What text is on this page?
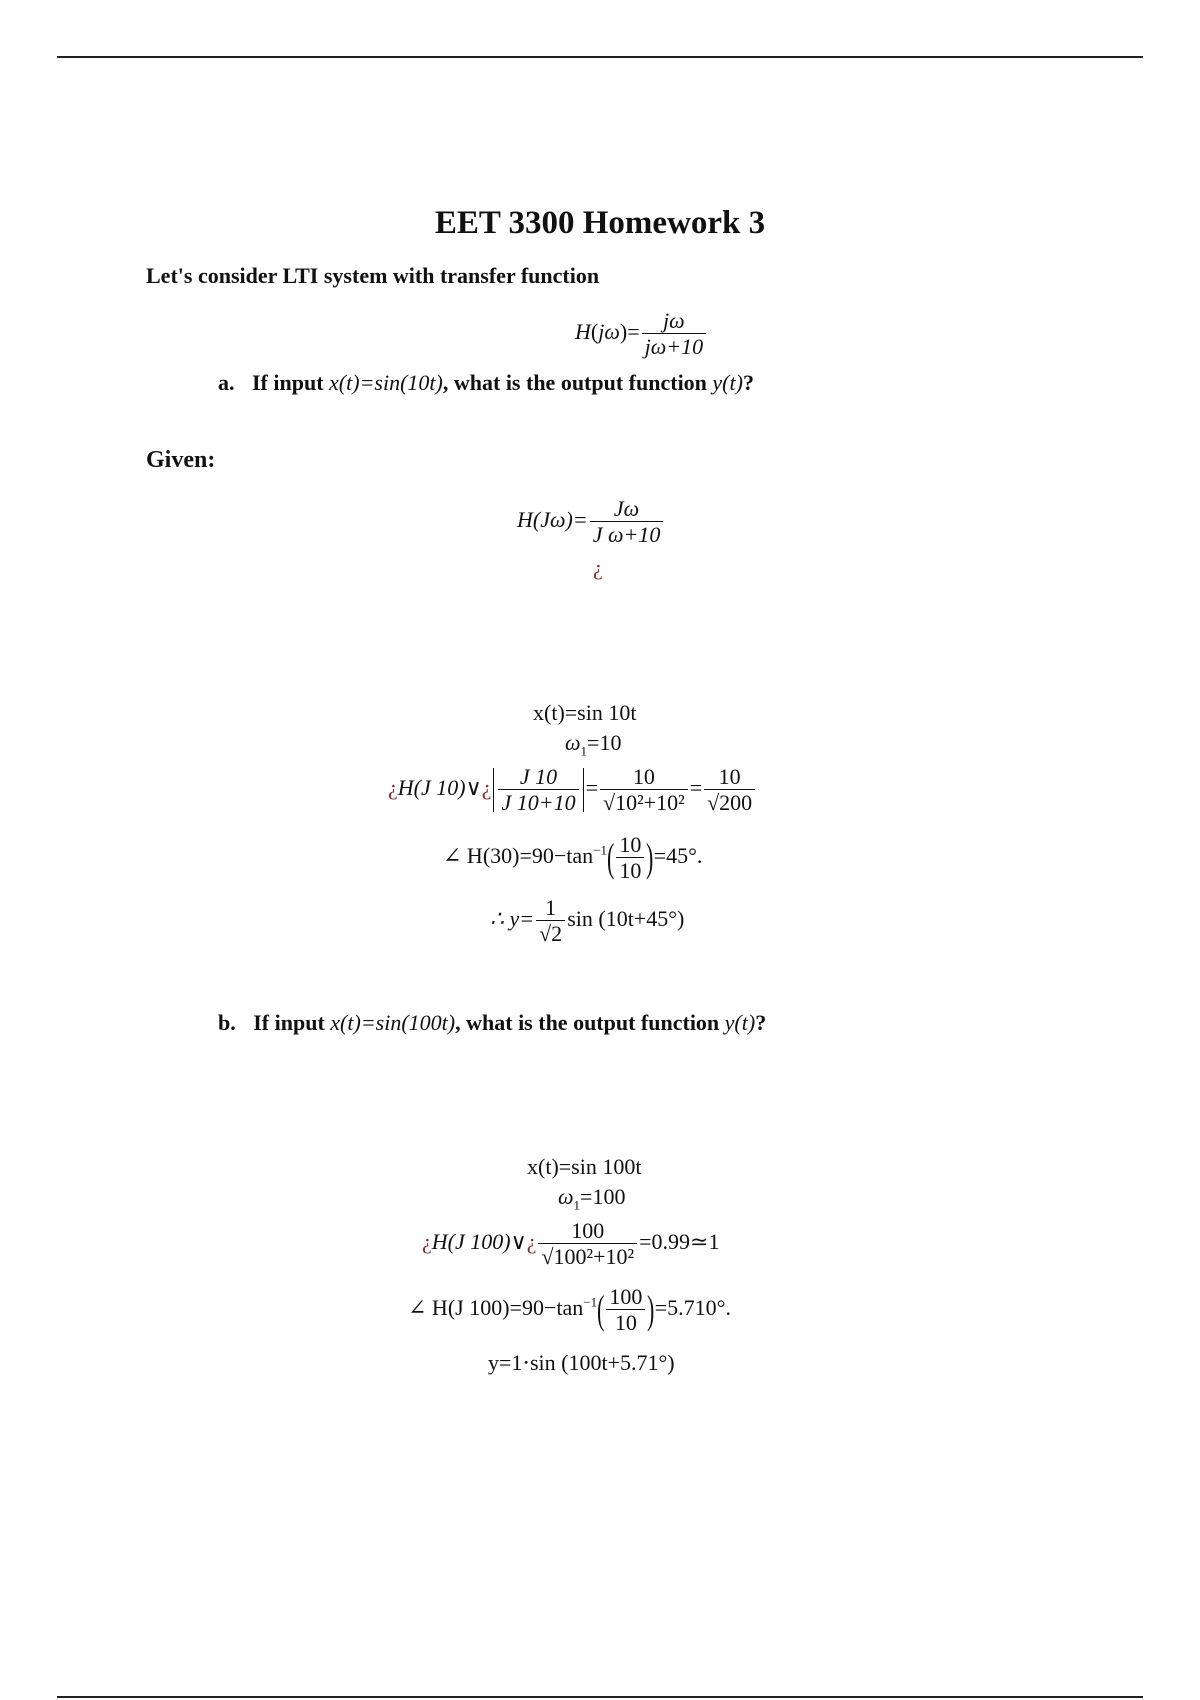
EET 3300 Homework 3
Let's consider LTI system with transfer function
$H(j\omega)= \frac{j\omega}{j\omega+10}$
a. If input x(t)=sin(10t), what is the output function y(t)?
Given:
$H(J\omega)= \frac{J\omega}{\text{J ω+10}}$
¿
x(t)=sin 10t
$\omega_1=10$
¿H(J 10)∨¿ $\frac{J 10}{J 10+10} = \frac{10}{\text{√10²+10²}} = \frac{10}{√200}$
∠ $H(30)=90-\tan^{-1}( \frac{10}{10} )=45^\circ$.
∴ $y= \frac{1}{√2}$ sin (10t+45°)
b. If input x(t)=sin(100t), what is the output function y(t)?
x(t)=sin 100t
$\omega_1=100$
¿H(J 100)∨¿ $\frac{100}{\text{√100²+10²}}$ =0.99≃1
∠ H(J $100)=90-\tan^{-1}( \frac{100}{10} )=5.710^\circ$.
y=1⋅sin (100t+5.71°)
